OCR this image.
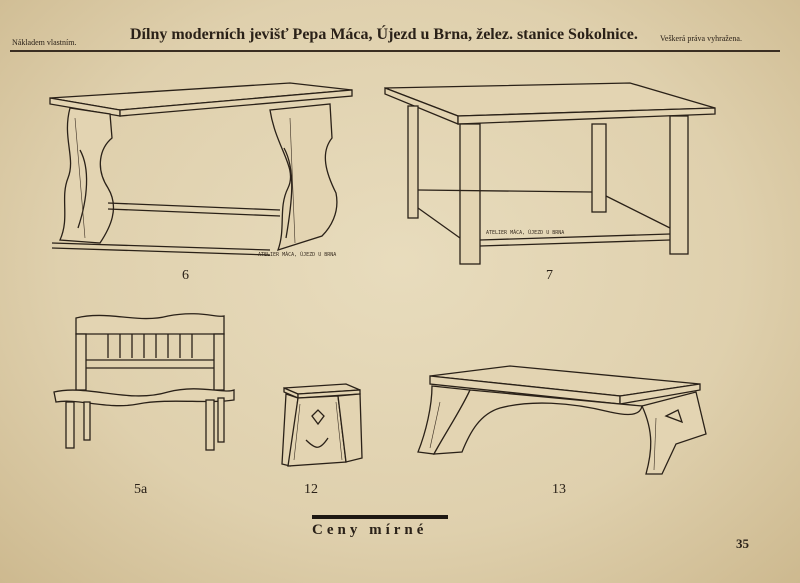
Nákladem vlastním.	Dílny moderních jevišť Pepa Máca, Újezd u Brna, želez. stanice Sokolnice.	Veškerá práva vyhražena.
ATELIER MÁCA, ÚJEZD U BRNA
6
ATELIER MÁCA, ÚJEZD U BRNA
7
5a	12	13
Ceny mírné
35
